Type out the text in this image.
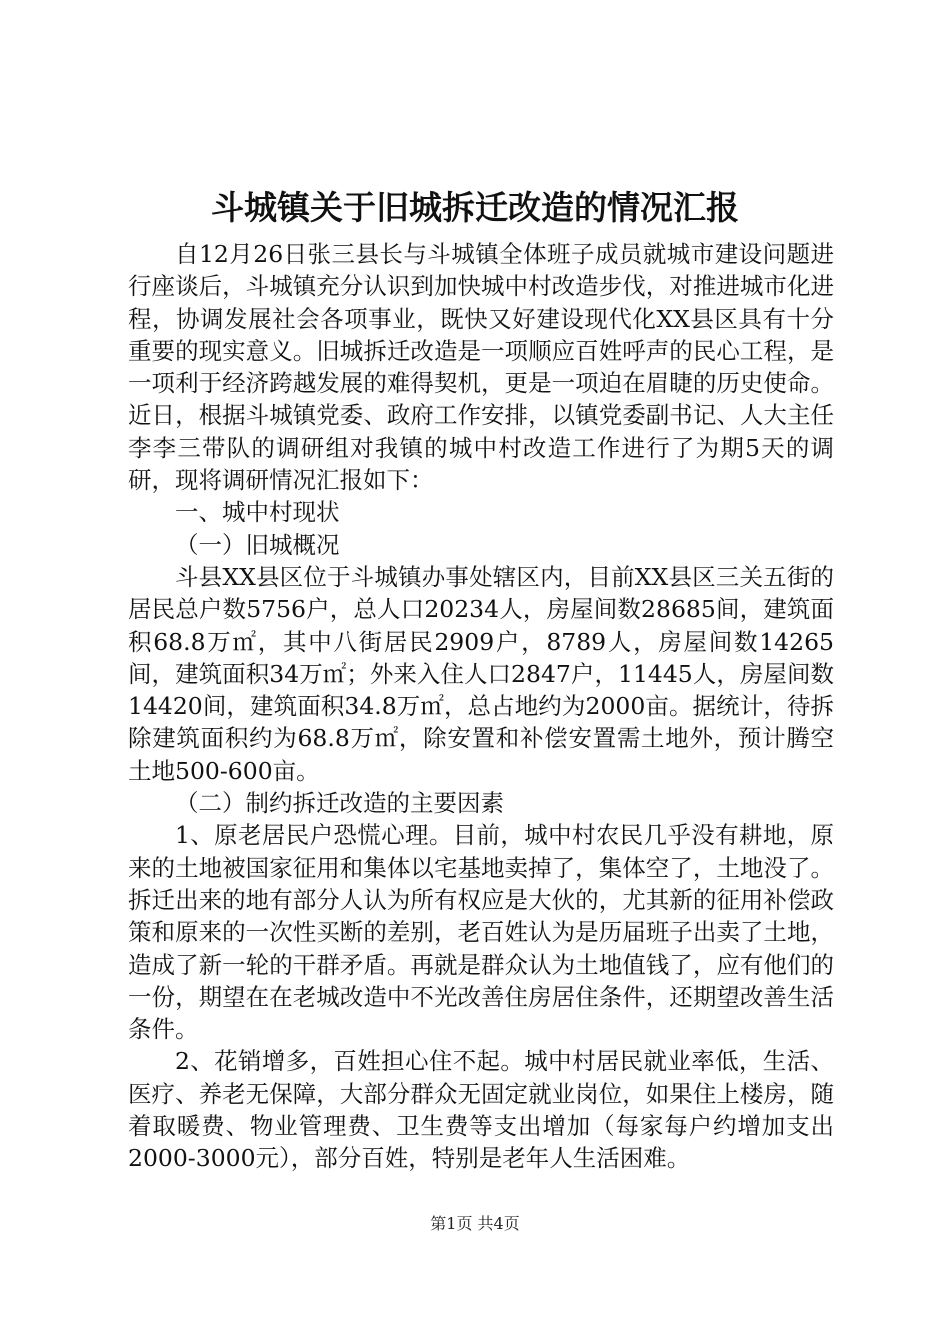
斗城镇关于旧城拆迁改造的情况汇报

自12月26日张三县长与斗城镇全体班子成员就城市建设问题进行座谈后，斗城镇充分认识到加快城中村改造步伐，对推进城市化进程，协调发展社会各项事业，既快又好建设现代化XX县区具有十分重要的现实意义。旧城拆迁改造是一项顺应百姓呼声的民心工程，是一项利于经济跨越发展的难得契机，更是一项迫在眉睫的历史使命。近日，根据斗城镇党委、政府工作安排，以镇党委副书记、人大主任李李三带队的调研组对我镇的城中村改造工作进行了为期5天的调研，现将调研情况汇报如下：

一、城中村现状

（一）旧城概况

斗县XX县区位于斗城镇办事处辖区内，目前XX县区三关五街的居民总户数5756户，总人口20234人，房屋间数28685间，建筑面积68.8万㎡，其中八街居民2909户，8789人，房屋间数14265间，建筑面积34万㎡；外来入住人口2847户，11445人，房屋间数14420间，建筑面积34.8万㎡，总占地约为2000亩。据统计，待拆除建筑面积约为68.8万㎡，除安置和补偿安置需土地外，预计腾空土地500-600亩。

（二）制约拆迁改造的主要因素

1、原老居民户恐慌心理。目前，城中村农民几乎没有耕地，原来的土地被国家征用和集体以宅基地卖掉了，集体空了，土地没了。拆迁出来的地有部分人认为所有权应是大伙的，尤其新的征用补偿政策和原来的一次性买断的差别，老百姓认为是历届班子出卖了土地，造成了新一轮的干群矛盾。再就是群众认为土地值钱了，应有他们的一份，期望在在老城改造中不光改善住房居住条件，还期望改善生活条件。

2、花销增多，百姓担心住不起。城中村居民就业率低，生活、医疗、养老无保障，大部分群众无固定就业岗位，如果住上楼房，随着取暖费、物业管理费、卫生费等支出增加（每家每户约增加支出2000-3000元），部分百姓，特别是老年人生活困难。

第1页 共4页
